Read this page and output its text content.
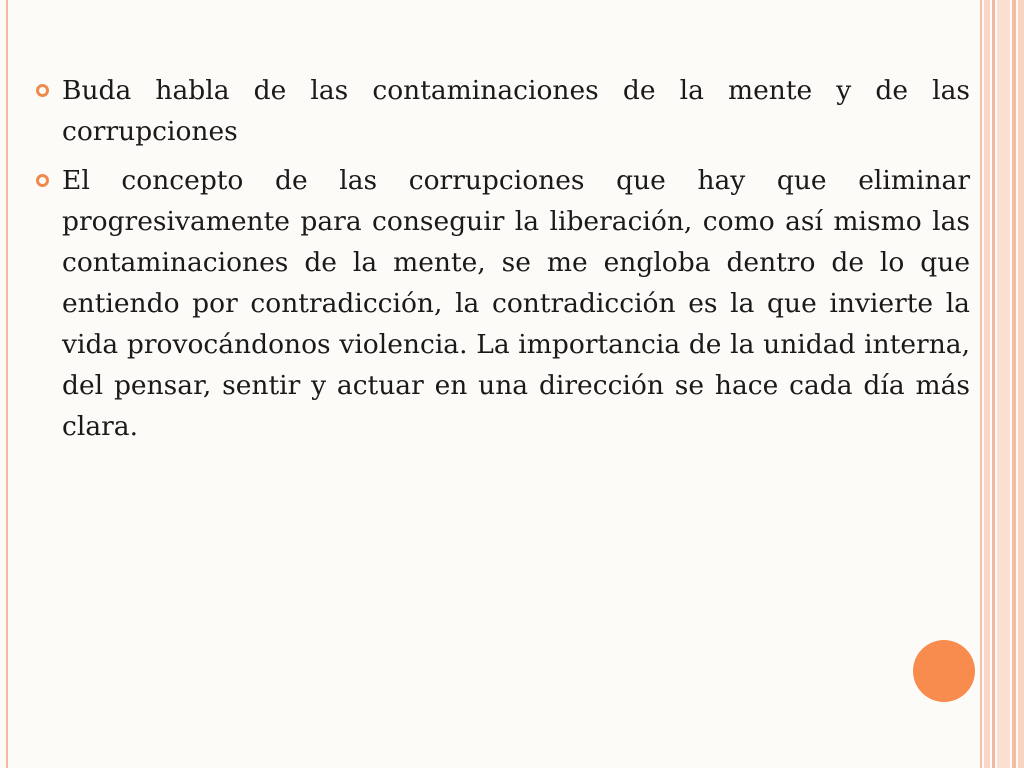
Buda habla de las contaminaciones de la mente y de las corrupciones

El concepto de las corrupciones que hay que eliminar progresivamente para conseguir la liberación, como así mismo las contaminaciones de la mente, se me engloba dentro de lo que entiendo por contradicción, la contradicción es la que invierte la vida provocándonos violencia. La importancia de la unidad interna, del pensar, sentir y actuar en una dirección se hace cada día más clara.
